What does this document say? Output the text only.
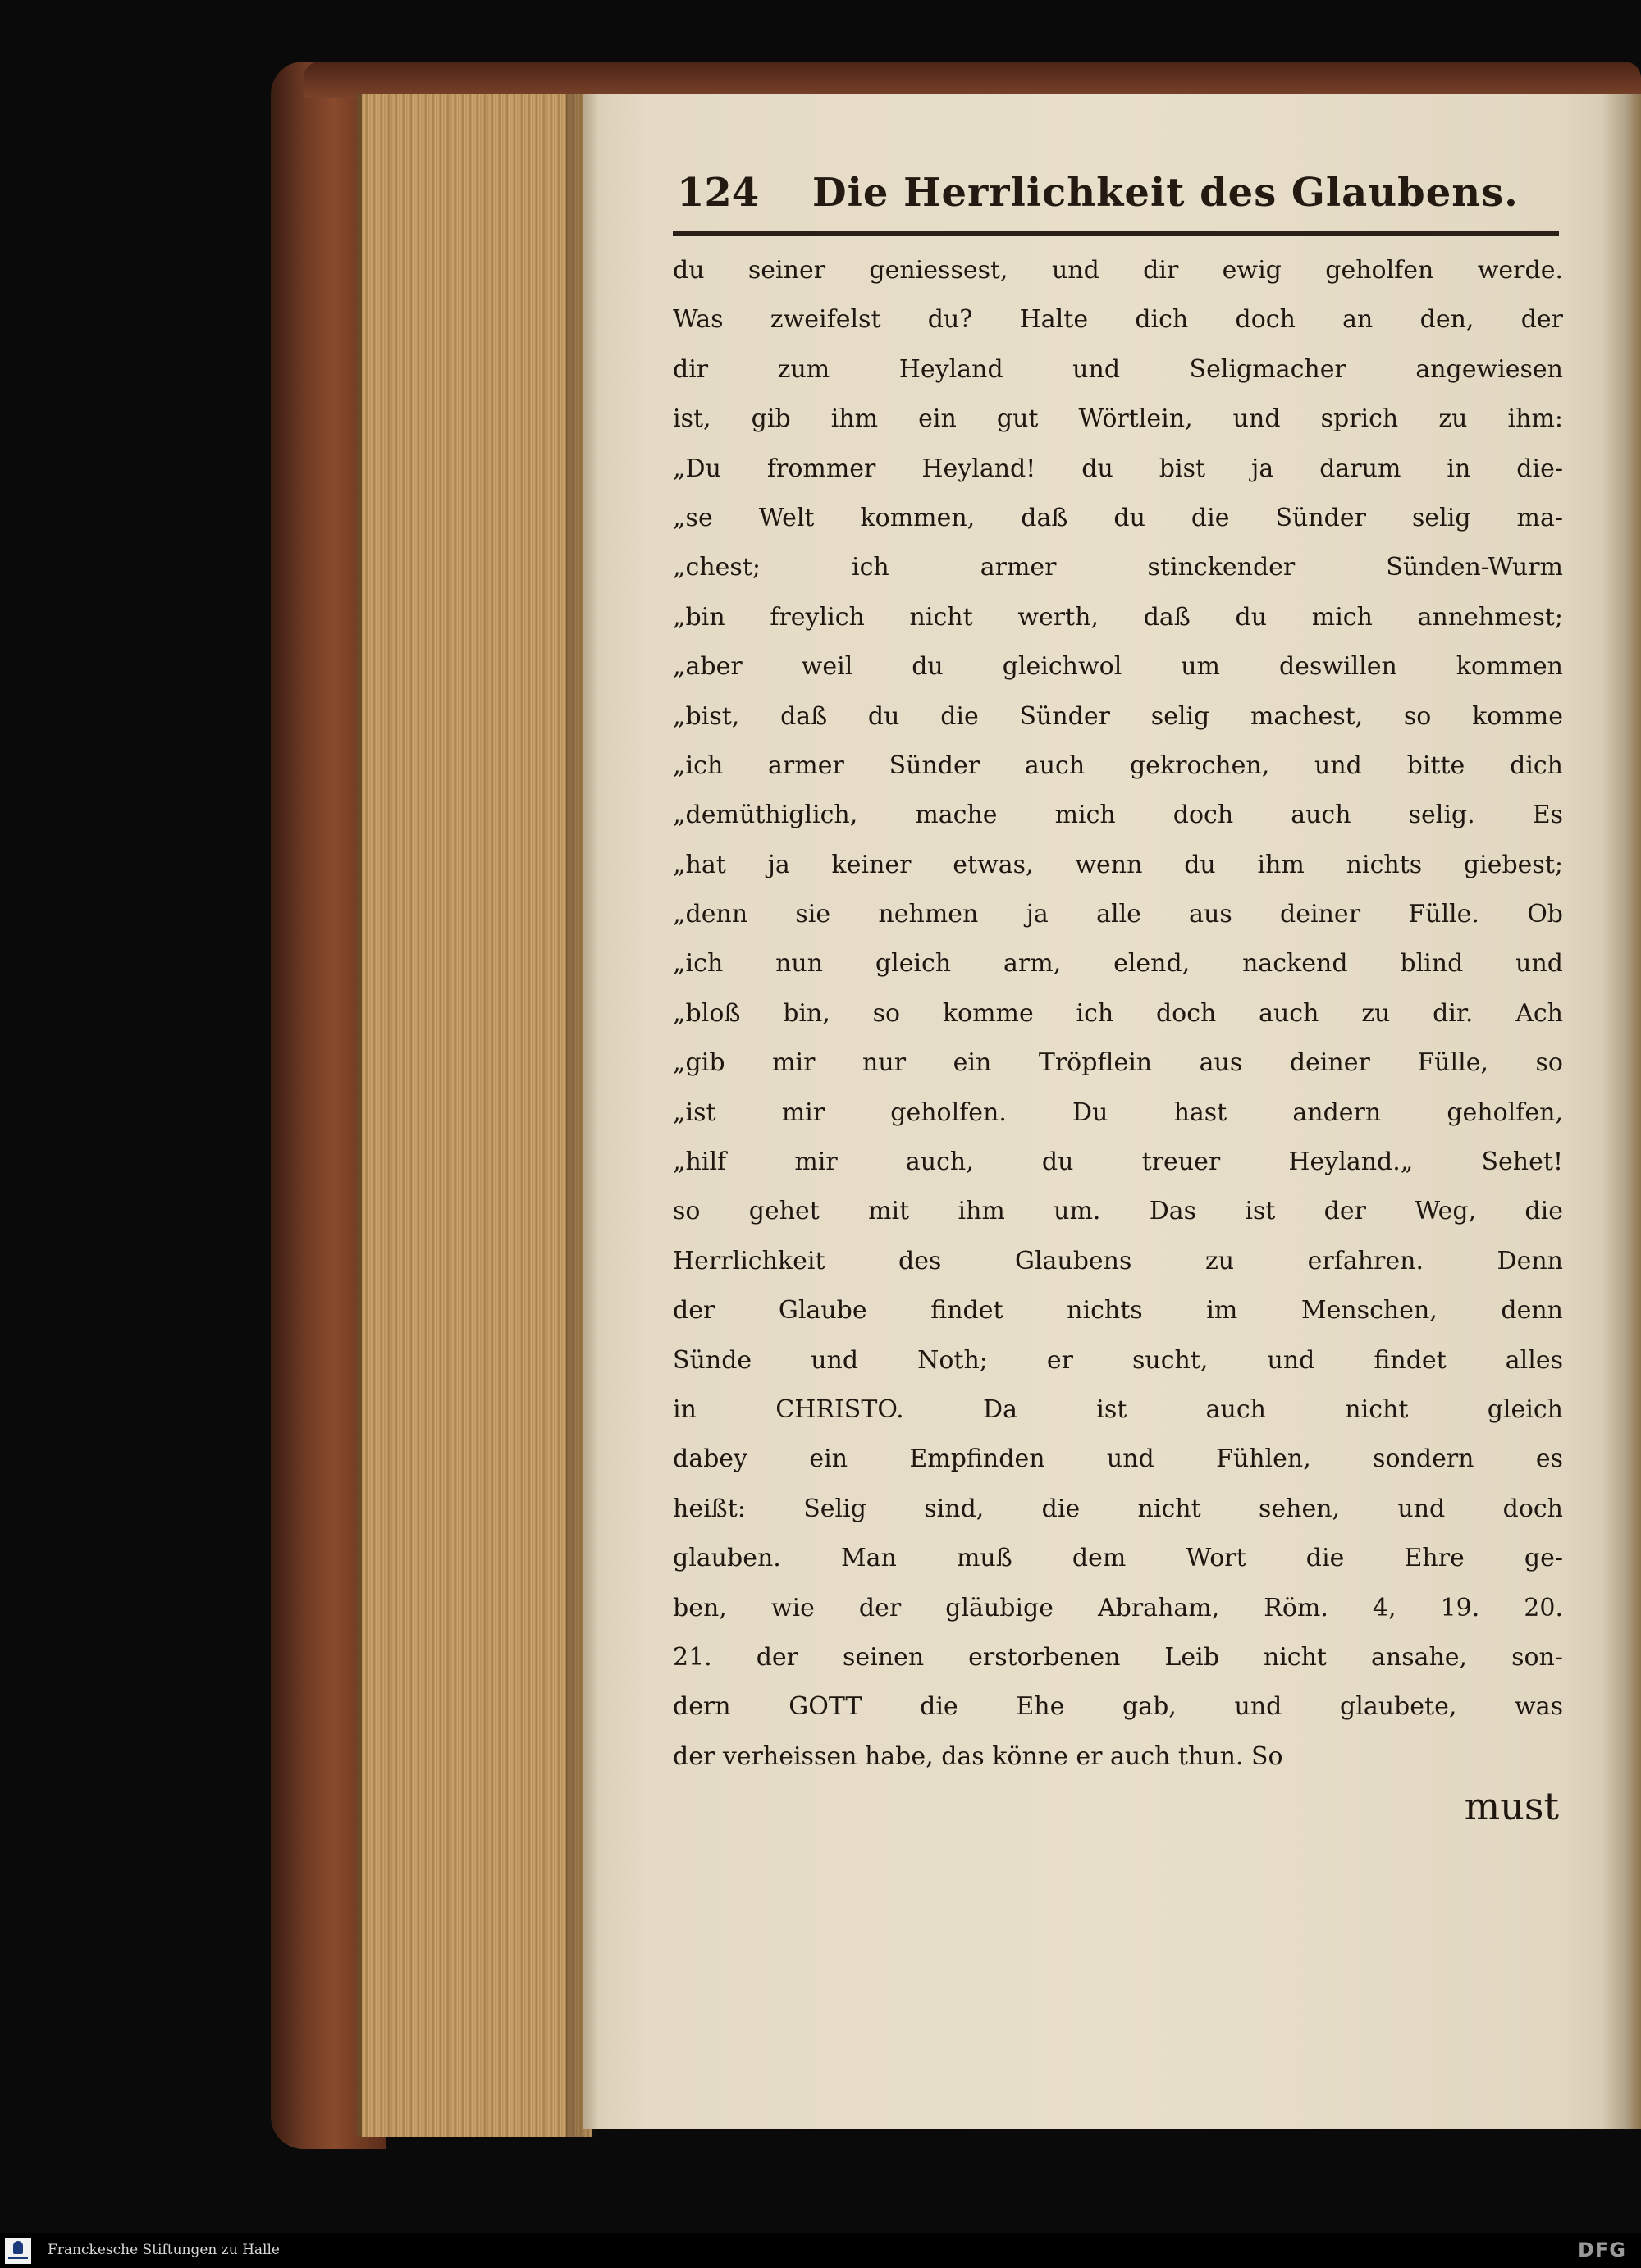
124 Die Herrlichkeit des Glaubens.
du seiner geniessest, und dir ewig geholfen werde.
Was zweifelst du? Halte dich doch an den, der
dir zum Heyland und Seligmacher angewiesen
ist, gib ihm ein gut Wörtlein, und sprich zu ihm:
„Du frommer Heyland! du bist ja darum in die-
„se Welt kommen, daß du die Sünder selig ma-
„chest; ich armer stinckender Sünden-Wurm
„bin freylich nicht werth, daß du mich annehmest;
„aber weil du gleichwol um deswillen kommen
„bist, daß du die Sünder selig machest, so komme
„ich armer Sünder auch gekrochen, und bitte dich
„demüthiglich, mache mich doch auch selig. Es
„hat ja keiner etwas, wenn du ihm nichts giebest;
„denn sie nehmen ja alle aus deiner Fülle. Ob
„ich nun gleich arm, elend, nackend blind und
„bloß bin, so komme ich doch auch zu dir. Ach
„gib mir nur ein Tröpflein aus deiner Fülle, so
„ist mir geholfen. Du hast andern geholfen,
„hilf mir auch, du treuer Heyland.„ Sehet!
so gehet mit ihm um. Das ist der Weg, die
Herrlichkeit des Glaubens zu erfahren. Denn
der Glaube findet nichts im Menschen, denn
Sünde und Noth; er sucht, und findet alles
in CHRISTO. Da ist auch nicht gleich
dabey ein Empfinden und Fühlen, sondern es
heißt: Selig sind, die nicht sehen, und doch
glauben. Man muß dem Wort die Ehre ge-
ben, wie der gläubige Abraham, Röm. 4, 19. 20.
21. der seinen erstorbenen Leib nicht ansahe, son-
dern GOTT die Ehe gab, und glaubete, was
der verheissen habe, das könne er auch thun. So
must
Franckesche Stiftungen zu Halle	DFG
